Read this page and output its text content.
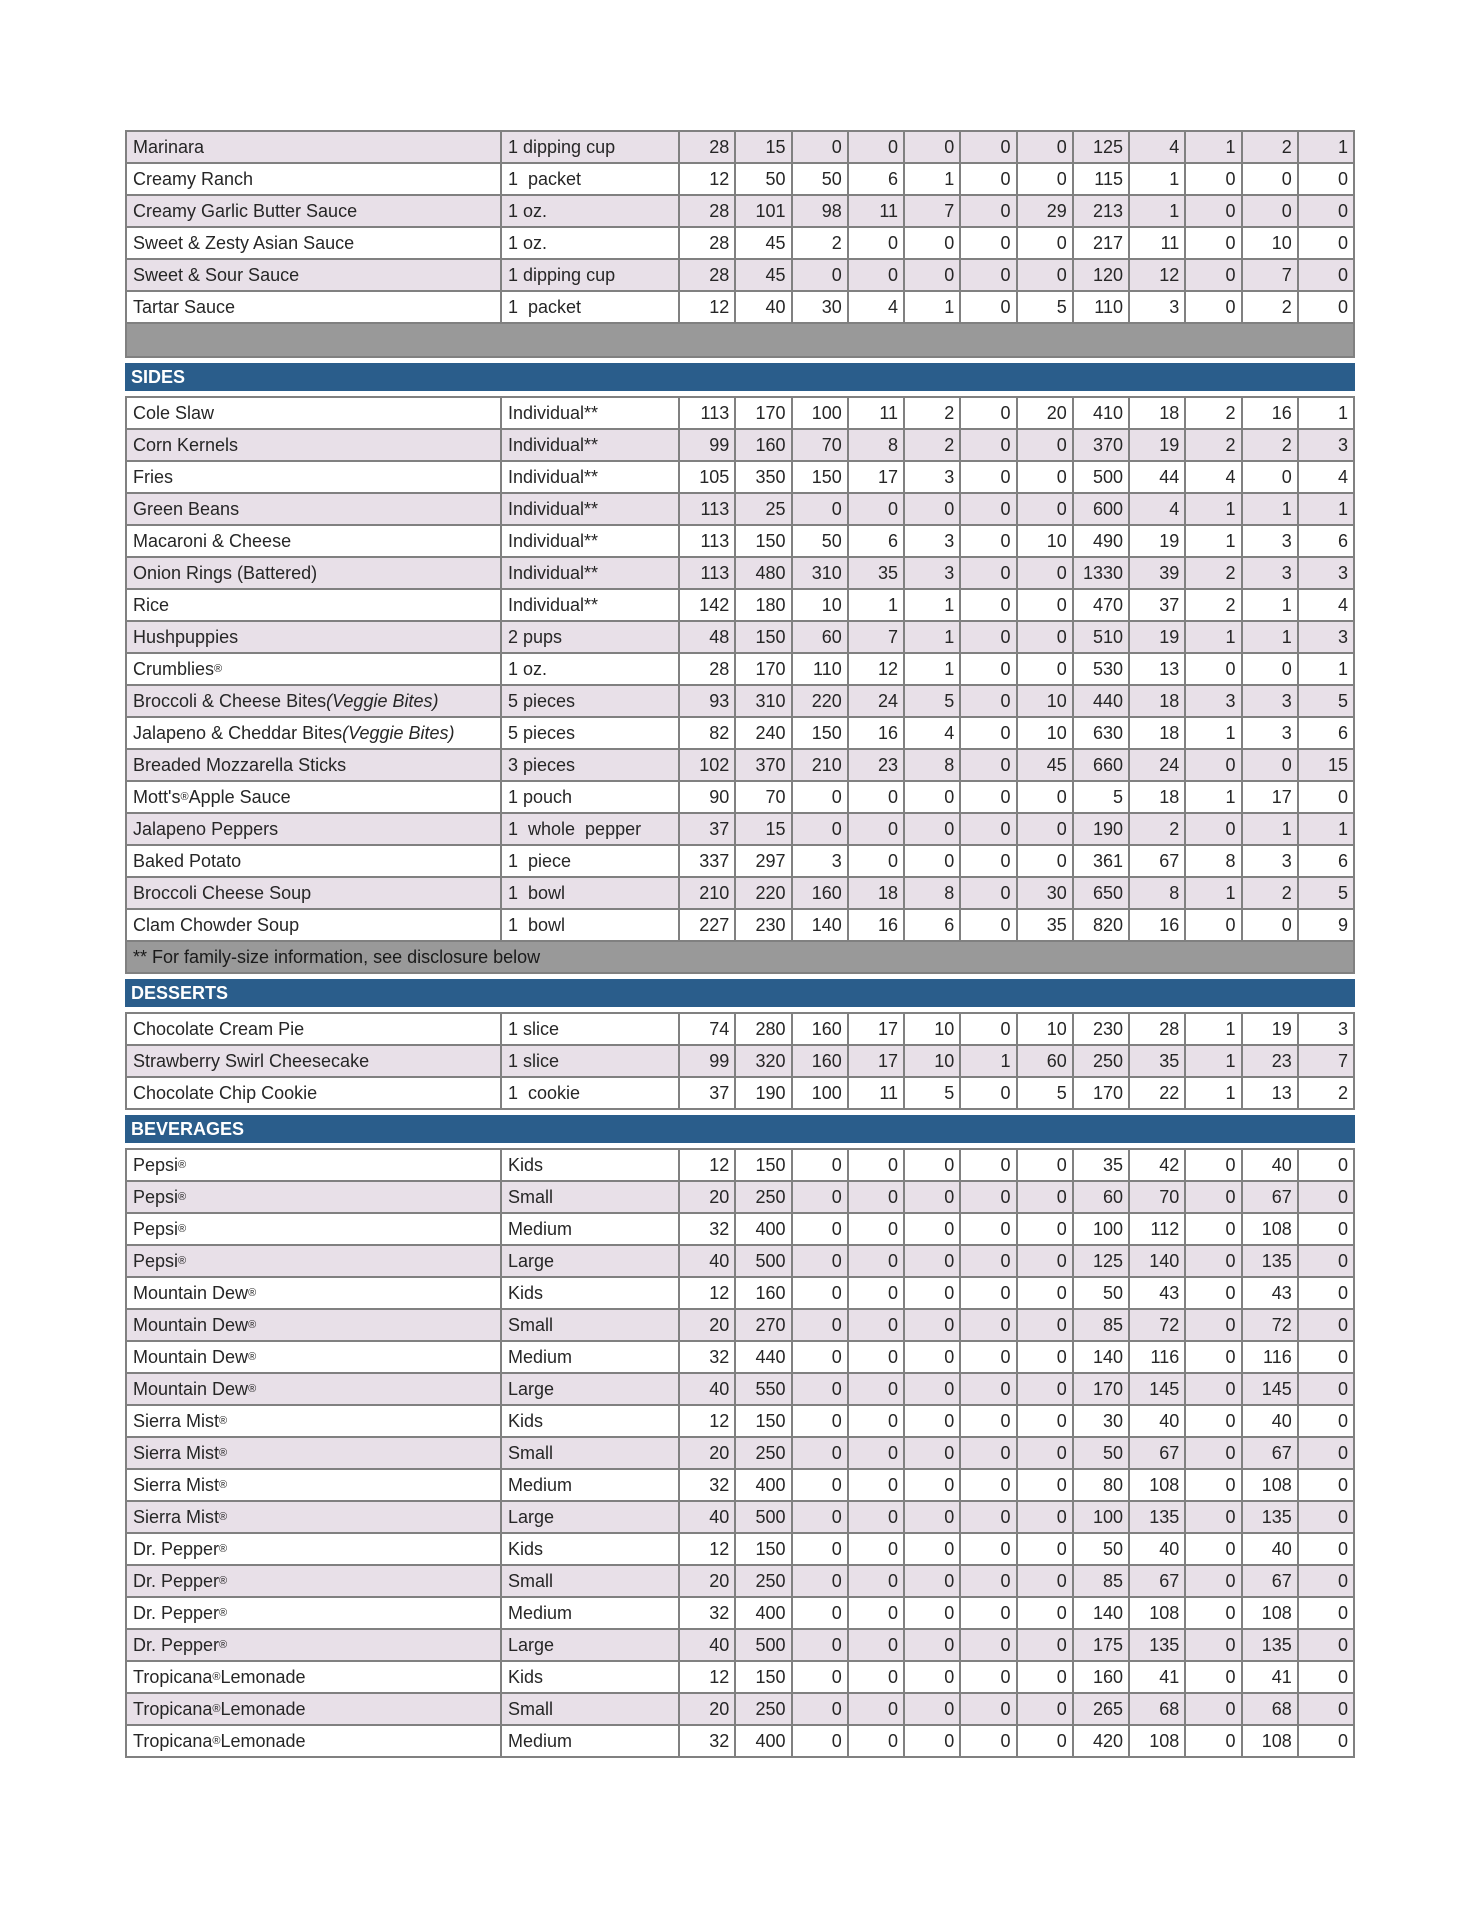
Marinara	1 dipping cup	28	15	0	0	0	0	0	125	4	1	2	1
Creamy Ranch	1  packet	12	50	50	6	1	0	0	115	1	0	0	0
Creamy Garlic Butter Sauce	1 oz.	28	101	98	11	7	0	29	213	1	0	0	0
Sweet & Zesty Asian Sauce	1 oz.	28	45	2	0	0	0	0	217	11	0	10	0
Sweet & Sour Sauce	1 dipping cup	28	45	0	0	0	0	0	120	12	0	7	0
Tartar Sauce	1  packet	12	40	30	4	1	0	5	110	3	0	2	0
SIDES
Cole Slaw	Individual**	113	170	100	11	2	0	20	410	18	2	16	1
Corn Kernels	Individual**	99	160	70	8	2	0	0	370	19	2	2	3
Fries	Individual**	105	350	150	17	3	0	0	500	44	4	0	4
Green Beans	Individual**	113	25	0	0	0	0	0	600	4	1	1	1
Macaroni & Cheese	Individual**	113	150	50	6	3	0	10	490	19	1	3	6
Onion Rings (Battered)	Individual**	113	480	310	35	3	0	0 1330	39	2	3	3
Rice	Individual**	142	180	10	1	1	0	0	470	37	2	1	4
Hushpuppies	2 pups	48	150	60	7	1	0	0	510	19	1	1	3
Crumblies ®	1 oz.	28	170	110	12	1	0	0	530	13	0	0	1
Broccoli & Cheese Bites (Veggie Bites)	5 pieces	93	310	220	24	5	0	10	440	18	3	3	5
Jalapeno & Cheddar Bites (Veggie Bites)	5 pieces	82	240	150	16	4	0	10	630	18	1	3	6
Breaded Mozzarella Sticks	3 pieces	102	370	210	23	8	0	45	660	24	0	0	15
Mott's ® Apple Sauce	1 pouch	90	70	0	0	0	0	0	5	18	1	17	0
Jalapeno Peppers	1  whole  pepper	37	15	0	0	0	0	0	190	2	0	1	1
Baked Potato	1  piece	337	297	3	0	0	0	0	361	67	8	3	6
Broccoli Cheese Soup	1  bowl	210	220	160	18	8	0	30	650	8	1	2	5
Clam Chowder Soup	1  bowl	227	230	140	16	6	0	35	820	16	0	0	9
** For family-size information, see disclosure below
DESSERTS
Chocolate Cream Pie	1 slice	74	280	160	17	10	0	10	230	28	1	19	3
Strawberry Swirl Cheesecake	1 slice	99	320	160	17	10	1	60	250	35	1	23	7
Chocolate Chip Cookie	1  cookie	37	190	100	11	5	0	5	170	22	1	13	2
BEVERAGES
Pepsi ®	Kids	12	150	0	0	0	0	0	35	42	0	40	0
Pepsi ®	Small	20	250	0	0	0	0	0	60	70	0	67	0
Pepsi ®	Medium	32	400	0	0	0	0	0	100	112	0	108	0
Pepsi ®	Large	40	500	0	0	0	0	0	125	140	0	135	0
Mountain Dew ®	Kids	12	160	0	0	0	0	0	50	43	0	43	0
Mountain Dew ®	Small	20	270	0	0	0	0	0	85	72	0	72	0
Mountain Dew ®	Medium	32	440	0	0	0	0	0	140	116	0	116	0
Mountain Dew ®	Large	40	550	0	0	0	0	0	170	145	0	145	0
Sierra Mist ®	Kids	12	150	0	0	0	0	0	30	40	0	40	0
Sierra Mist ®	Small	20	250	0	0	0	0	0	50	67	0	67	0
Sierra Mist ®	Medium	32	400	0	0	0	0	0	80	108	0	108	0
Sierra Mist ®	Large	40	500	0	0	0	0	0	100	135	0	135	0
Dr. Pepper ®	Kids	12	150	0	0	0	0	0	50	40	0	40	0
Dr. Pepper ®	Small	20	250	0	0	0	0	0	85	67	0	67	0
Dr. Pepper ®	Medium	32	400	0	0	0	0	0	140	108	0	108	0
Dr. Pepper ®	Large	40	500	0	0	0	0	0	175	135	0	135	0
Tropicana ® Lemonade	Kids	12	150	0	0	0	0	0	160	41	0	41	0
Tropicana ® Lemonade	Small	20	250	0	0	0	0	0	265	68	0	68	0
Tropicana ® Lemonade	Medium	32	400	0	0	0	0	0	420	108	0	108	0
